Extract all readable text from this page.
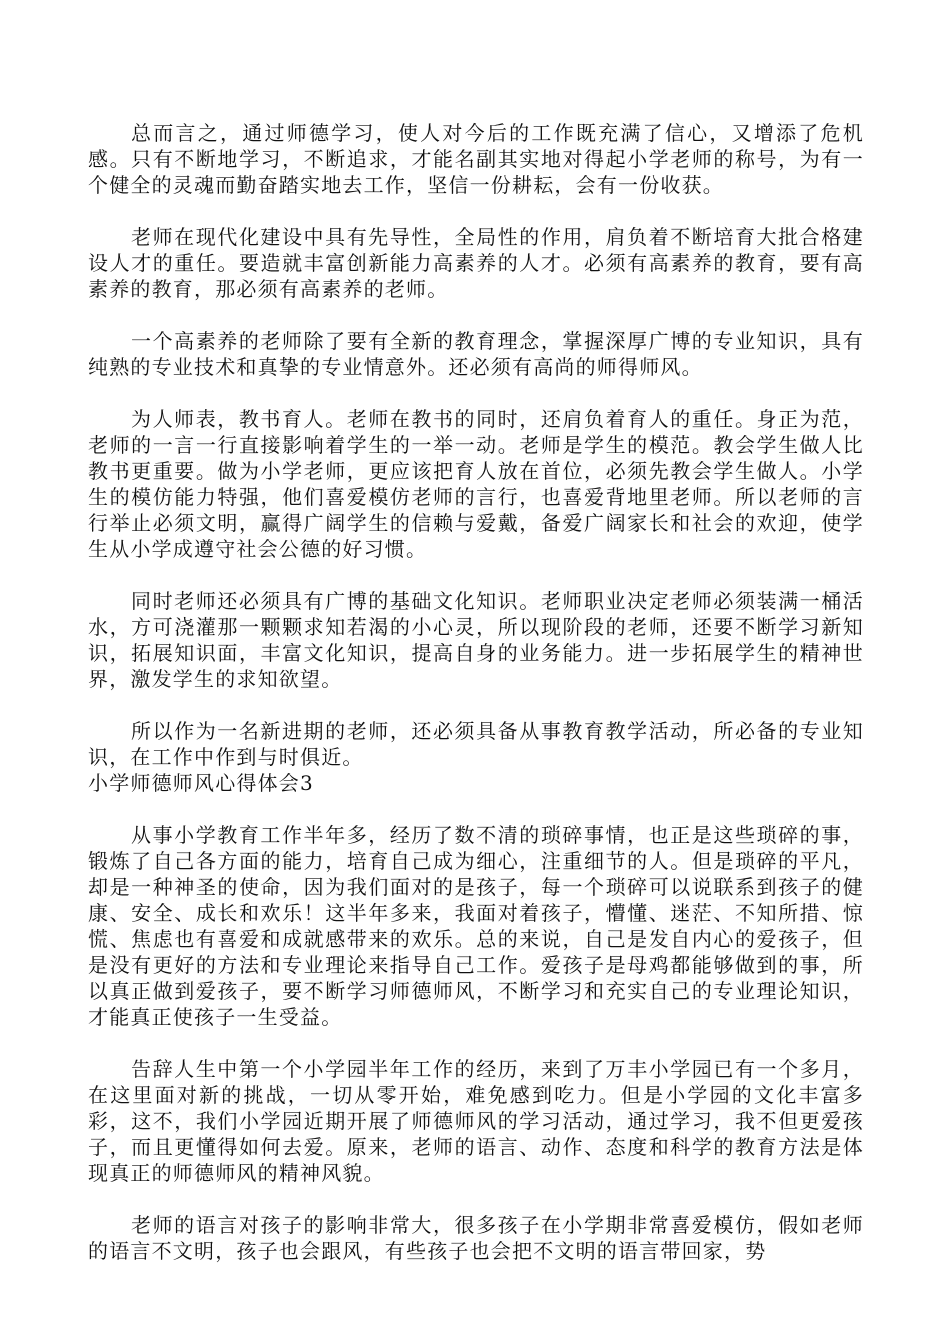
总而言之，通过师德学习，使人对今后的工作既充满了信心，又增添了危机感。只有不断地学习，不断追求，才能名副其实地对得起小学老师的称号，为有一个健全的灵魂而勤奋踏实地去工作，坚信一份耕耘，会有一份收获。

老师在现代化建设中具有先导性，全局性的作用，肩负着不断培育大批合格建设人才的重任。要造就丰富创新能力高素养的人才。必须有高素养的教育，要有高素养的教育，那必须有高素养的老师。

一个高素养的老师除了要有全新的教育理念，掌握深厚广博的专业知识，具有纯熟的专业技术和真挚的专业情意外。还必须有高尚的师得师风。

为人师表，教书育人。老师在教书的同时，还肩负着育人的重任。身正为范，老师的一言一行直接影响着学生的一举一动。老师是学生的模范。教会学生做人比教书更重要。做为小学老师，更应该把育人放在首位，必须先教会学生做人。小学生的模仿能力特强，他们喜爱模仿老师的言行，也喜爱背地里老师。所以老师的言行举止必须文明，赢得广阔学生的信赖与爱戴，备爱广阔家长和社会的欢迎，使学生从小学成遵守社会公德的好习惯。

同时老师还必须具有广博的基础文化知识。老师职业决定老师必须装满一桶活水，方可浇灌那一颗颗求知若渴的小心灵，所以现阶段的老师，还要不断学习新知识，拓展知识面，丰富文化知识，提高自身的业务能力。进一步拓展学生的精神世界，激发学生的求知欲望。

所以作为一名新进期的老师，还必须具备从事教育教学活动，所必备的专业知识，在工作中作到与时俱近。

小学师德师风心得体会3

从事小学教育工作半年多，经历了数不清的琐碎事情，也正是这些琐碎的事，锻炼了自己各方面的能力，培育自己成为细心，注重细节的人。但是琐碎的平凡，却是一种神圣的使命，因为我们面对的是孩子，每一个琐碎可以说联系到孩子的健康、安全、成长和欢乐！这半年多来，我面对着孩子，懵懂、迷茫、不知所措、惊慌、焦虑也有喜爱和成就感带来的欢乐。总的来说，自己是发自内心的爱孩子，但是没有更好的方法和专业理论来指导自己工作。爱孩子是母鸡都能够做到的事，所以真正做到爱孩子，要不断学习师德师风，不断学习和充实自己的专业理论知识，才能真正使孩子一生受益。

告辞人生中第一个小学园半年工作的经历，来到了万丰小学园已有一个多月，在这里面对新的挑战，一切从零开始，难免感到吃力。但是小学园的文化丰富多彩，这不，我们小学园近期开展了师德师风的学习活动，通过学习，我不但更爱孩子，而且更懂得如何去爱。原来，老师的语言、动作、态度和科学的教育方法是体现真正的师德师风的精神风貌。

老师的语言对孩子的影响非常大，很多孩子在小学期非常喜爱模仿，假如老师的语言不文明，孩子也会跟风，有些孩子也会把不文明的语言带回家，势
